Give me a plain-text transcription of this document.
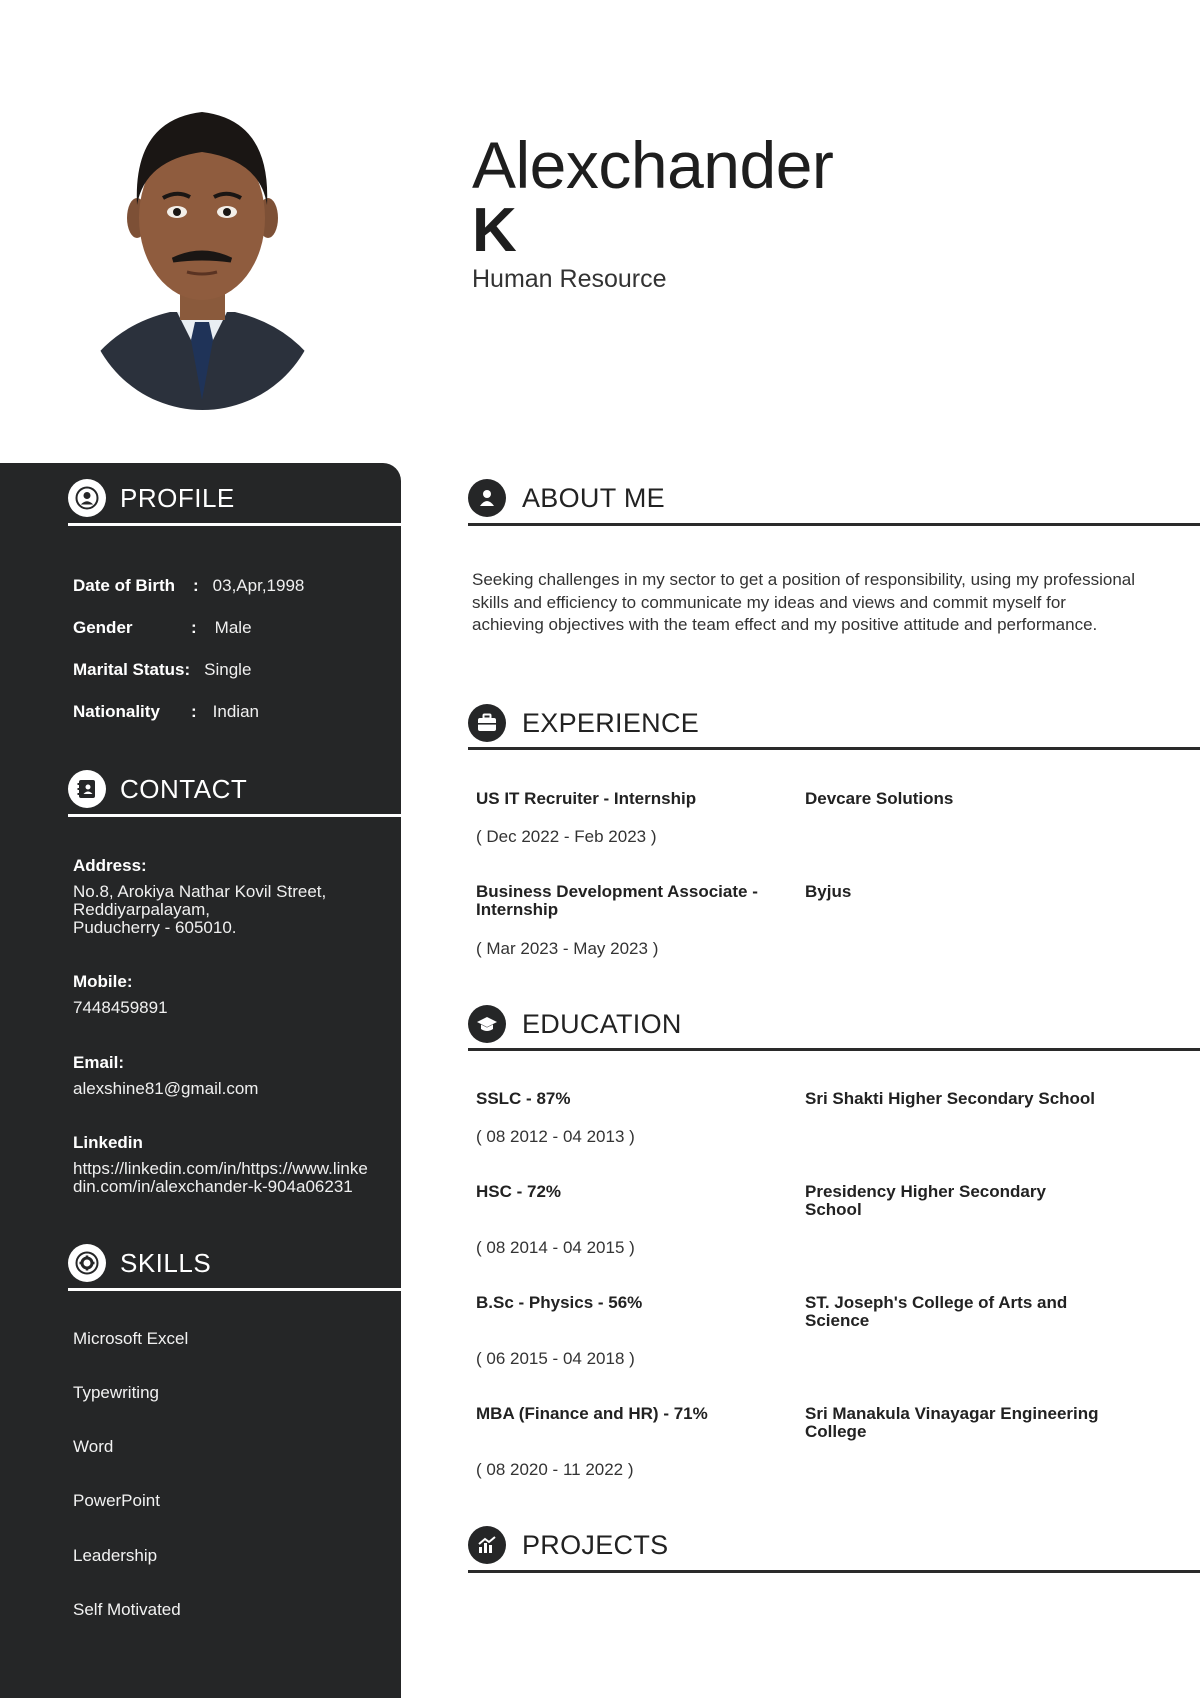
Alexchander
K
Human Resource
PROFILE
Date of Birth	: 03,Apr,1998
Gender	: Male
Marital Status : Single
Nationality	: Indian
CONTACT
Address:
No.8, Arokiya Nathar Kovil Street,
Reddiyarpalayam,
Puducherry - 605010.
Mobile:
7448459891
Email:
alexshine81@gmail.com
Linkedin
https://linkedin.com/in/https://www.linke
din.com/in/alexchander-k-904a06231
SKILLS
Microsoft Excel
Typewriting
Word
PowerPoint
Leadership
Self Motivated
ABOUT ME
Seeking challenges in my sector to get a position of responsibility, using my professional skills and efficiency to communicate my ideas and views and commit myself for achieving objectives with the team effect and my positive attitude and performance.
EXPERIENCE
US IT Recruiter - Internship	Devcare Solutions
( Dec 2022 - Feb 2023 )
Business Development Associate - Internship
Byjus
( Mar 2023 - May 2023 )
EDUCATION
SSLC - 87%	Sri Shakti Higher Secondary School
( 08 2012 - 04 2013 )
HSC - 72%	Presidency Higher Secondary School
( 08 2014 - 04 2015 )
B.Sc - Physics - 56%	ST. Joseph's College of Arts and Science
( 06 2015 - 04 2018 )
MBA (Finance and HR) - 71%	Sri Manakula Vinayagar Engineering College
( 08 2020 - 11 2022 )
PROJECTS
